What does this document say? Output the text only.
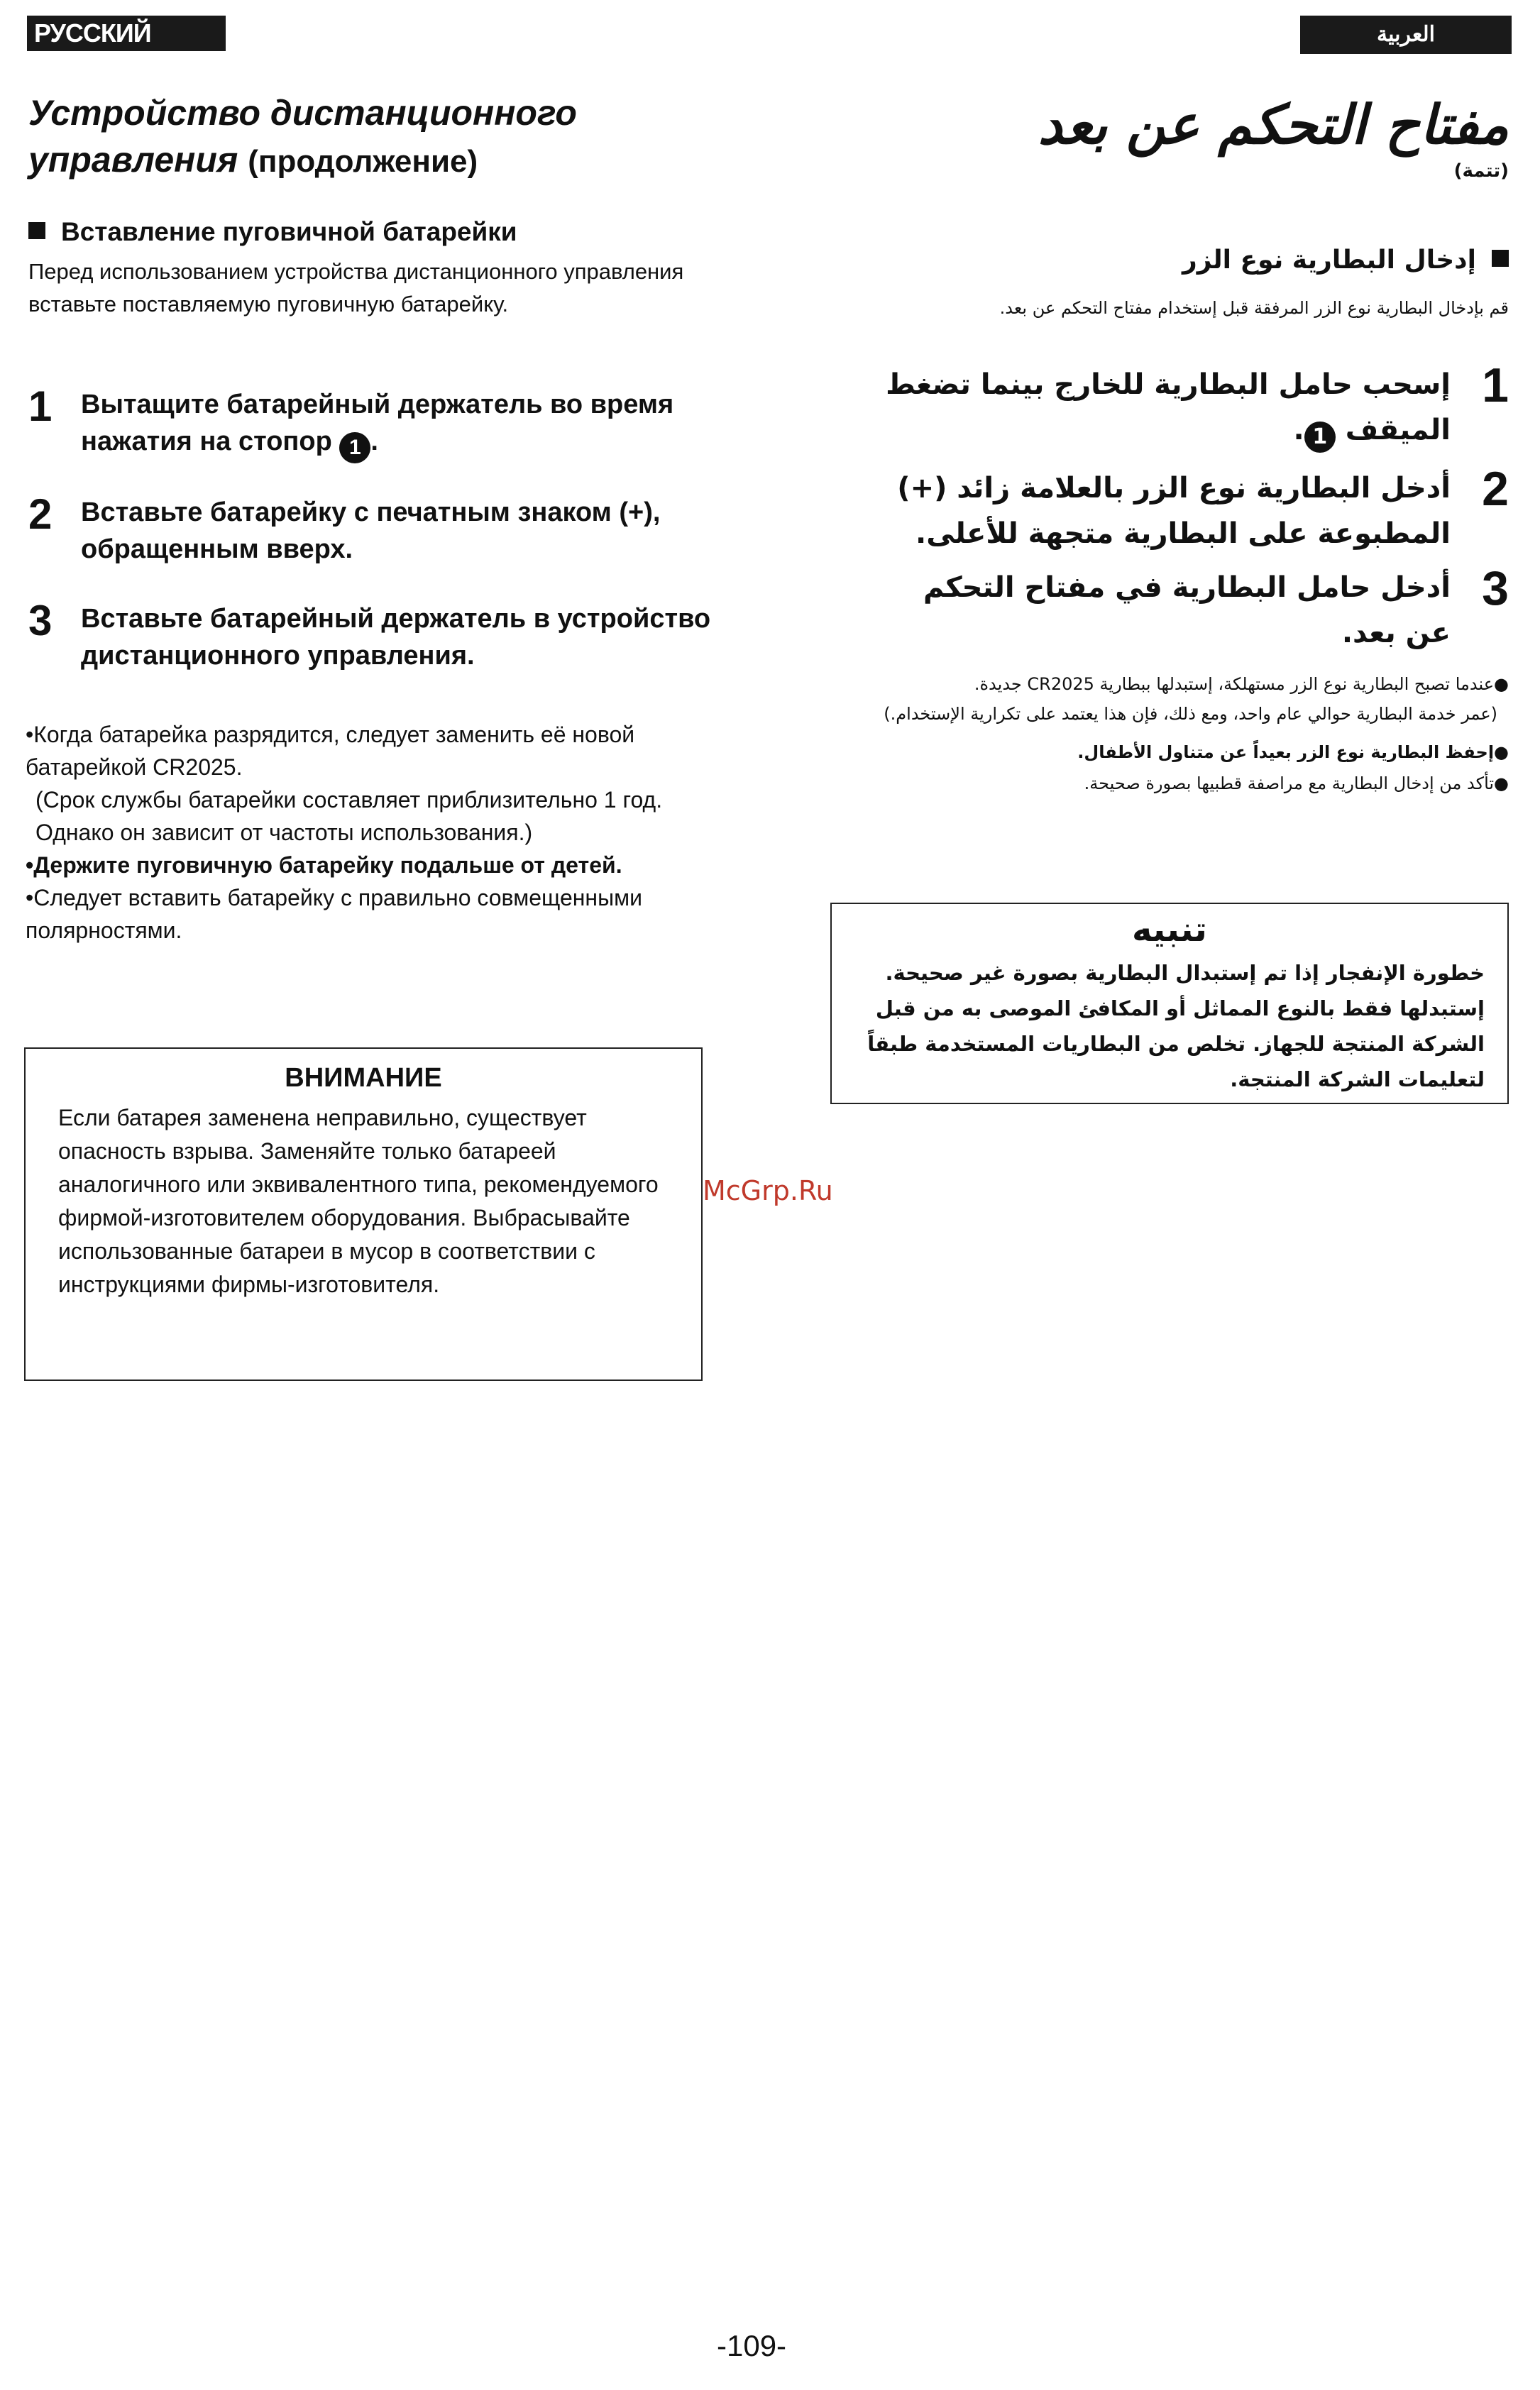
РУССКИЙ ЯЗЫК
العربية
Устройство дистанционного
управления (продолжение)
Вставление пуговичной батарейки
Перед использованием устройства дистанционного управления вставьте поставляемую пуговичную батарейку.
1 Вытащите батарейный держатель во время нажатия на стопор 1 .
2 Вставьте батарейку с печатным знаком (+), обращенным вверх.
3 Вставьте батарейный держатель в устройство дистанционного управления.

•Когда батарейка разрядится, следует заменить её новой батарейкой CR2025.

(Срок службы батарейки составляет приблизительно 1 год. Однако он зависит от частоты использования.)

•Держите пуговичную батарейку подальше от детей.

•Следует вставить батарейку с правильно совмещенными полярностями.

ВНИМАНИЕ
Если батарея заменена неправильно, существует опасность взрыва. Заменяйте только батареей аналогичного или эквивалентного типа, рекомендуемого фирмой-изготовителем оборудования. Выбрасывайте использованные батареи в мусор в соответствии с инструкциями фирмы-изготовителя.
McGrp.Ru
مفتاح التحكم عن بعد
(تتمة)
إدخال البطارية نوع الزر
قم بإدخال البطارية نوع الزر المرفقة قبل إستخدام مفتاح التحكم عن بعد.
1
إسحب حامل البطارية للخارج بينما تضغط الميقف 1.
2
أدخل البطارية نوع الزر بالعلامة زائد (+) المطبوعة على البطارية متجهة للأعلى.
3
أدخل حامل البطارية في مفتاح التحكم عن بعد.

●عندما تصبح البطارية نوع الزر مستهلكة، إستبدلها ببطارية CR2025 جديدة.

(عمر خدمة البطارية حوالي عام واحد، ومع ذلك، فإن هذا يعتمد على تكرارية الإستخدام.)

●إحفظ البطارية نوع الزر بعيداً عن متناول الأطفال.

●تأكد من إدخال البطارية مع مراصفة قطبيها بصورة صحيحة.

تنبيه
خطورة الإنفجار إذا تم إستبدال البطارية بصورة غير صحيحة. إستبدلها فقط بالنوع المماثل أو المكافئ الموصى به من قبل الشركة المنتجة للجهاز. تخلص من البطاريات المستخدمة طبقاً لتعليمات الشركة المنتجة.
-109-
